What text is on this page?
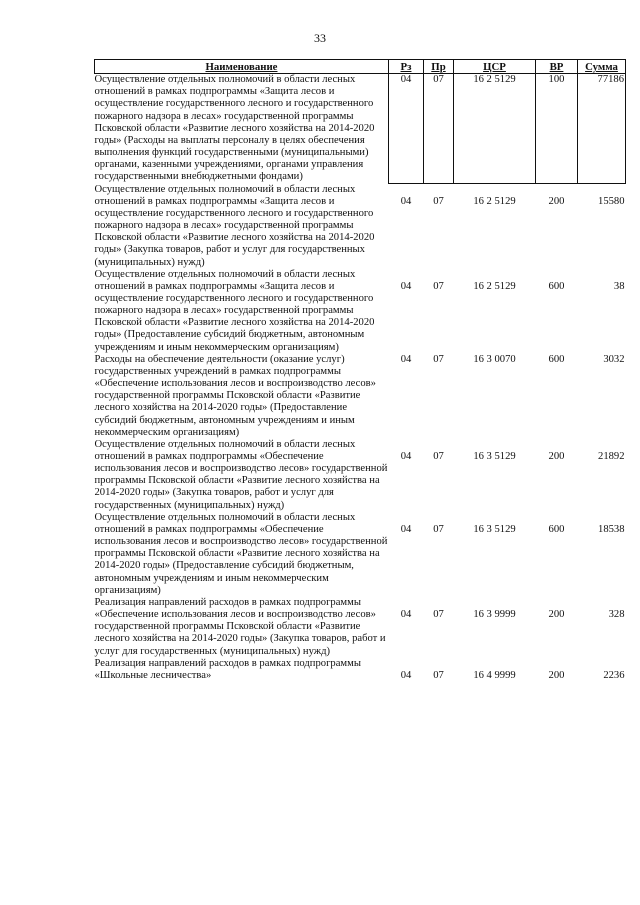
33
Наименование	Рз	Пр	ЦСР	ВР	Сумма
Осуществление отдельных полномочий в области лесных отношений в рамках подпрограммы «Защита лесов и осуществление государственного лесного и государственного пожарного надзора в лесах» государственной программы Псковской области «Развитие лесного хозяйства на 2014-2020 годы» (Расходы на выплаты персоналу в целях обеспечения выполнения функций государственными (муниципальными) органами, казенными учреждениями, органами управления государственными внебюджетными фондами)	04	07	16 2 5129	100	77186
Осуществление отдельных полномочий в области лесных отношений в рамках подпрограммы «Защита лесов и осуществление государственного лесного и государственного пожарного надзора в лесах» государственной программы Псковской области «Развитие лесного хозяйства на 2014-2020 годы» (Закупка товаров, работ и услуг для государственных (муниципальных) нужд)	04	07	16 2 5129	200	15580
Осуществление отдельных полномочий в области лесных отношений в рамках подпрограммы «Защита лесов и осуществление государственного лесного и государственного пожарного надзора в лесах» государственной программы Псковской области «Развитие лесного хозяйства на 2014-2020 годы» (Предоставление субсидий бюджетным, автономным учреждениям и иным некоммерческим организациям)	04	07	16 2 5129	600	38
Расходы на обеспечение деятельности (оказание услуг) государственных учреждений в рамках подпрограммы «Обеспечение использования лесов и воспроизводство лесов» государственной программы Псковской области «Развитие лесного хозяйства на 2014-2020 годы» (Предоставление субсидий бюджетным, автономным учреждениям и иным некоммерческим организациям)	04	07	16 3 0070	600	3032
Осуществление отдельных полномочий в области лесных отношений в рамках подпрограммы «Обеспечение использования лесов и воспроизводство лесов» государственной программы Псковской области «Развитие лесного хозяйства на 2014-2020 годы» (Закупка товаров, работ и услуг для государственных (муниципальных) нужд)	04	07	16 3 5129	200	21892
Осуществление отдельных полномочий в области лесных отношений в рамках подпрограммы «Обеспечение использования лесов и воспроизводство лесов» государственной программы Псковской области «Развитие лесного хозяйства на 2014-2020 годы» (Предоставление субсидий бюджетным, автономным учреждениям и иным некоммерческим организациям)	04	07	16 3 5129	600	18538
Реализация направлений расходов в рамках подпрограммы «Обеспечение использования лесов и воспроизводство лесов» государственной программы Псковской области «Развитие лесного хозяйства на 2014-2020 годы» (Закупка товаров, работ и услуг для государственных (муниципальных) нужд)	04	07	16 3 9999	200	328
Реализация направлений расходов в рамках подпрограммы «Школьные лесничества»	04	07	16 4 9999	200	2236
